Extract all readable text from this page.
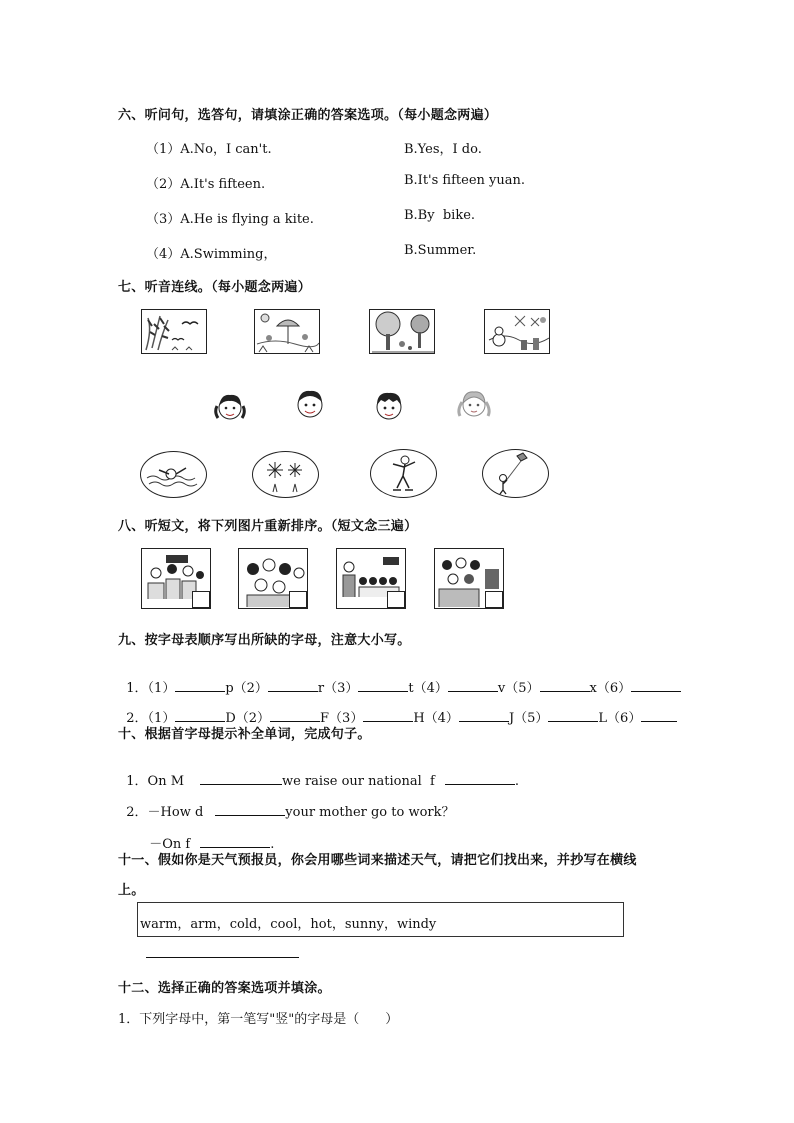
六、听问句，选答句，请填涂正确的答案选项。（每小题念两遍）
（1）A.No，I can't.	B.Yes，I do.
（2）A.It's fifteen.	B.It's fifteen yuan.
（3）A.He is flying a kite.	B.By  bike.
（4）A.Swimming，	B.Summer.
七、听音连线。（每小题念两遍）
八、听短文，将下列图片重新排序。（短文念三遍）
九、按字母表顺序写出所缺的字母，注意大小写。

1．（1）	p（2）	r（3）	t（4）	v（5）	x（6）

2．（1）	D（2）	F（3）	H（4）	J（5）	L（6）

十、根据首字母提示补全单词，完成句子。

1．On M	we raise our national  f	.

2．－How d	your mother go to work？

－On f	.

十一、假如你是天气预报员，你会用哪些词来描述天气，请把它们找出来，并抄写在横线
上。
warm，arm，cold，cool，hot，sunny，windy
十二、选择正确的答案选项并填涂。
1．下列字母中，第一笔写"竖"的字母是（　　）
